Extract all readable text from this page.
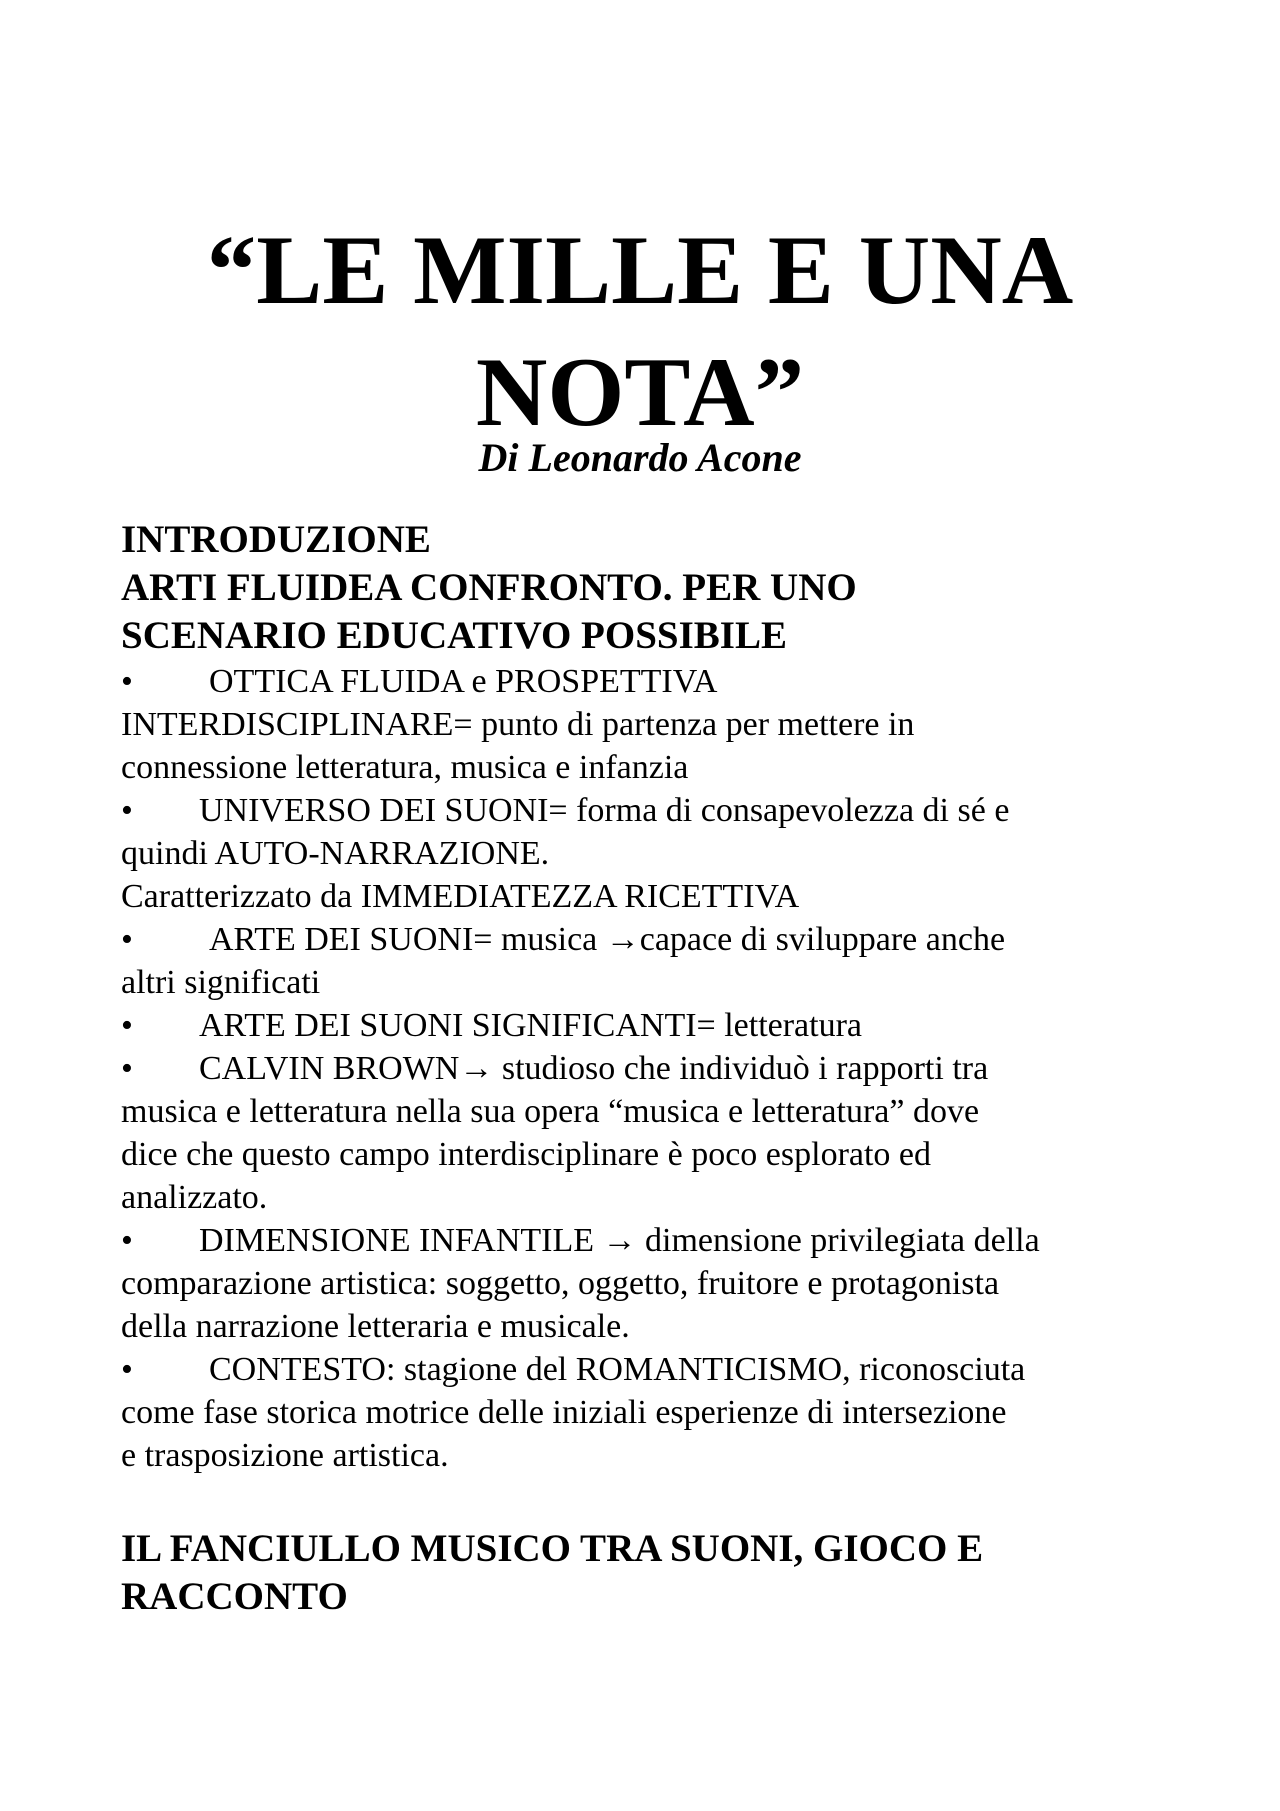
“LE MILLE E UNA
NOTA”
Di Leonardo Acone
INTRODUZIONE
ARTI FLUIDEA CONFRONTO. PER UNO
SCENARIO EDUCATIVO POSSIBILE
• OTTICA FLUIDA e PROSPETTIVA
INTERDISCIPLINARE= punto di partenza per mettere in
connessione letteratura, musica e infanzia
• UNIVERSO DEI SUONI= forma di consapevolezza di sé e
quindi AUTO-NARRAZIONE.
Caratterizzato da IMMEDIATEZZA RICETTIVA
• ARTE DEI SUONI= musica →capace di sviluppare anche
altri significati
• ARTE DEI SUONI SIGNIFICANTI= letteratura
• CALVIN BROWN→ studioso che individuò i rapporti tra
musica e letteratura nella sua opera “musica e letteratura” dove
dice che questo campo interdisciplinare è poco esplorato ed
analizzato.
• DIMENSIONE INFANTILE → dimensione privilegiata della
comparazione artistica: soggetto, oggetto, fruitore e protagonista
della narrazione letteraria e musicale.
• CONTESTO: stagione del ROMANTICISMO, riconosciuta
come fase storica motrice delle iniziali esperienze di intersezione
e trasposizione artistica.
IL FANCIULLO MUSICO TRA SUONI, GIOCO E
RACCONTO
